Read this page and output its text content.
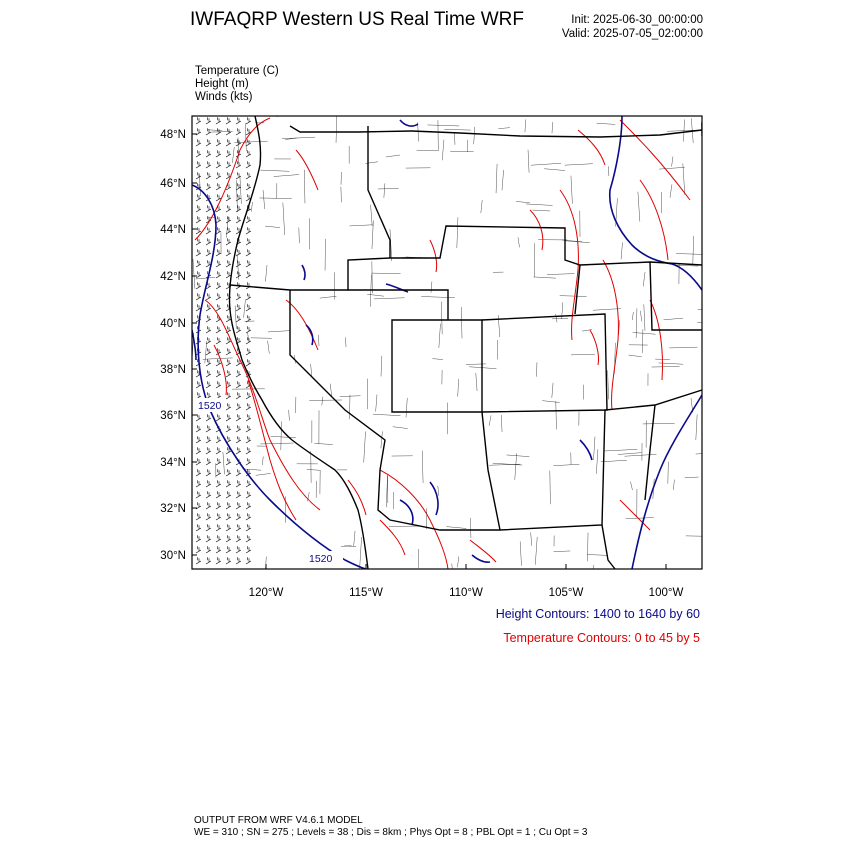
IWFAQRP Western US Real Time WRF	Init: 2025-06-30_00:00:00
Valid: 2025-07-05_02:00:00
Temperature (C)
Height (m)
Winds (kts)
1520
1520
48°N
46°N
44°N
42°N
40°N
38°N
36°N
34°N
32°N
30°N
120°W	115°W	110°W	105°W	100°W
Height Contours: 1400 to 1640 by 60
Temperature Contours: 0 to 45 by 5
OUTPUT FROM WRF V4.6.1 MODEL
WE = 310 ; SN = 275 ; Levels = 38 ; Dis = 8km ; Phys Opt = 8 ; PBL Opt = 1 ; Cu Opt = 3
